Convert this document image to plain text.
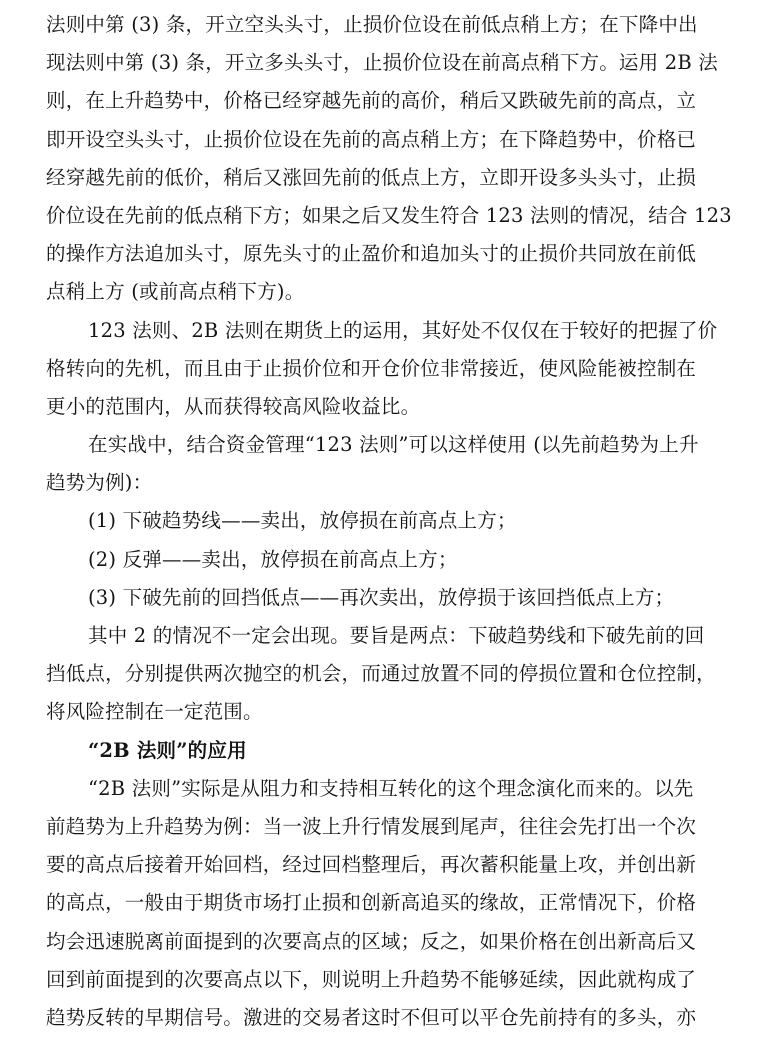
法则中第 (3) 条，开立空头头寸，止损价位设在前低点稍上方；在下降中出
现法则中第 (3) 条，开立多头头寸，止损价位设在前高点稍下方。运用 2B 法
则，在上升趋势中，价格已经穿越先前的高价，稍后又跌破先前的高点，立
即开设空头头寸，止损价位设在先前的高点稍上方；在下降趋势中，价格已
经穿越先前的低价，稍后又涨回先前的低点上方，立即开设多头头寸，止损
价位设在先前的低点稍下方；如果之后又发生符合 123 法则的情况，结合 123
的操作方法追加头寸，原先头寸的止盈价和追加头寸的止损价共同放在前低
点稍上方 (或前高点稍下方)。
123 法则、2B 法则在期货上的运用，其好处不仅仅在于较好的把握了价
格转向的先机，而且由于止损价位和开仓价位非常接近，使风险能被控制在
更小的范围内，从而获得较高风险收益比。
在实战中，结合资金管理“123 法则”可以这样使用 (以先前趋势为上升
趋势为例)：
(1) 下破趋势线——卖出，放停损在前高点上方；
(2) 反弹——卖出，放停损在前高点上方；
(3) 下破先前的回挡低点——再次卖出，放停损于该回挡低点上方；
其中 2 的情况不一定会出现。要旨是两点：下破趋势线和下破先前的回
挡低点，分别提供两次抛空的机会，而通过放置不同的停损位置和仓位控制，
将风险控制在一定范围。
“2B 法则”的应用
“2B 法则”实际是从阻力和支持相互转化的这个理念演化而来的。以先
前趋势为上升趋势为例：当一波上升行情发展到尾声，往往会先打出一个次
要的高点后接着开始回档，经过回档整理后，再次蓄积能量上攻，并创出新
的高点，一般由于期货市场打止损和创新高追买的缘故，正常情况下，价格
均会迅速脱离前面提到的次要高点的区域；反之，如果价格在创出新高后又
回到前面提到的次要高点以下，则说明上升趋势不能够延续，因此就构成了
趋势反转的早期信号。激进的交易者这时不但可以平仓先前持有的多头，亦
